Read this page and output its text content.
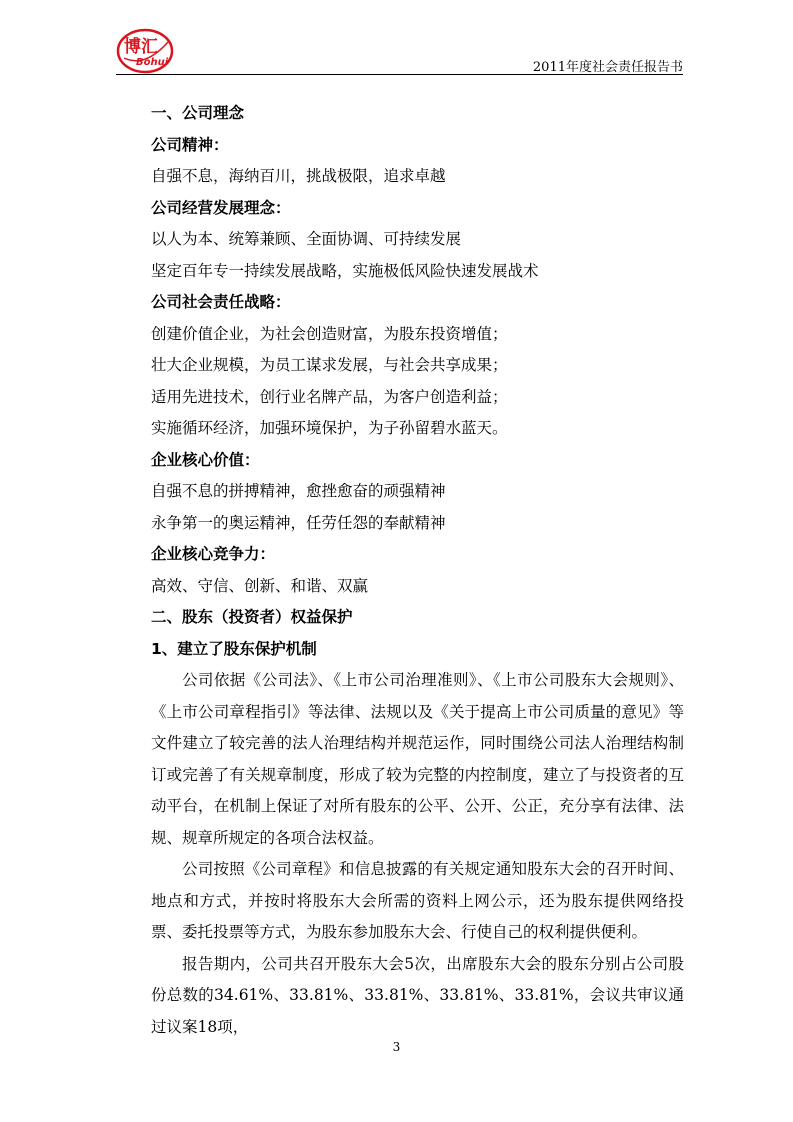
博汇
Bohui	2011年度社会责任报告书
一、公司理念
公司精神：
自强不息，海纳百川，挑战极限，追求卓越
公司经营发展理念：
以人为本、统筹兼顾、全面协调、可持续发展
坚定百年专一持续发展战略，实施极低风险快速发展战术
公司社会责任战略：
创建价值企业，为社会创造财富，为股东投资增值；
壮大企业规模，为员工谋求发展，与社会共享成果；
适用先进技术，创行业名牌产品，为客户创造利益；
实施循环经济，加强环境保护，为子孙留碧水蓝天。
企业核心价值：
自强不息的拼搏精神，愈挫愈奋的顽强精神
永争第一的奥运精神，任劳任怨的奉献精神
企业核心竞争力：
高效、守信、创新、和谐、双赢
二、股东（投资者）权益保护
1、建立了股东保护机制

公司依据《公司法》、《上市公司治理准则》、《上市公司股东大会规则》、《上市公司章程指引》等法律、法规以及《关于提高上市公司质量的意见》等文件建立了较完善的法人治理结构并规范运作，同时围绕公司法人治理结构制订或完善了有关规章制度，形成了较为完整的内控制度，建立了与投资者的互动平台，在机制上保证了对所有股东的公平、公开、公正，充分享有法律、法规、规章所规定的各项合法权益。

公司按照《公司章程》和信息披露的有关规定通知股东大会的召开时间、地点和方式，并按时将股东大会所需的资料上网公示，还为股东提供网络投票、委托投票等方式，为股东参加股东大会、行使自己的权利提供便利。

报告期内，公司共召开股东大会5次，出席股东大会的股东分别占公司股份总数的34.61%、33.81%、33.81%、33.81%、33.81%，会议共审议通过议案18项，

3
